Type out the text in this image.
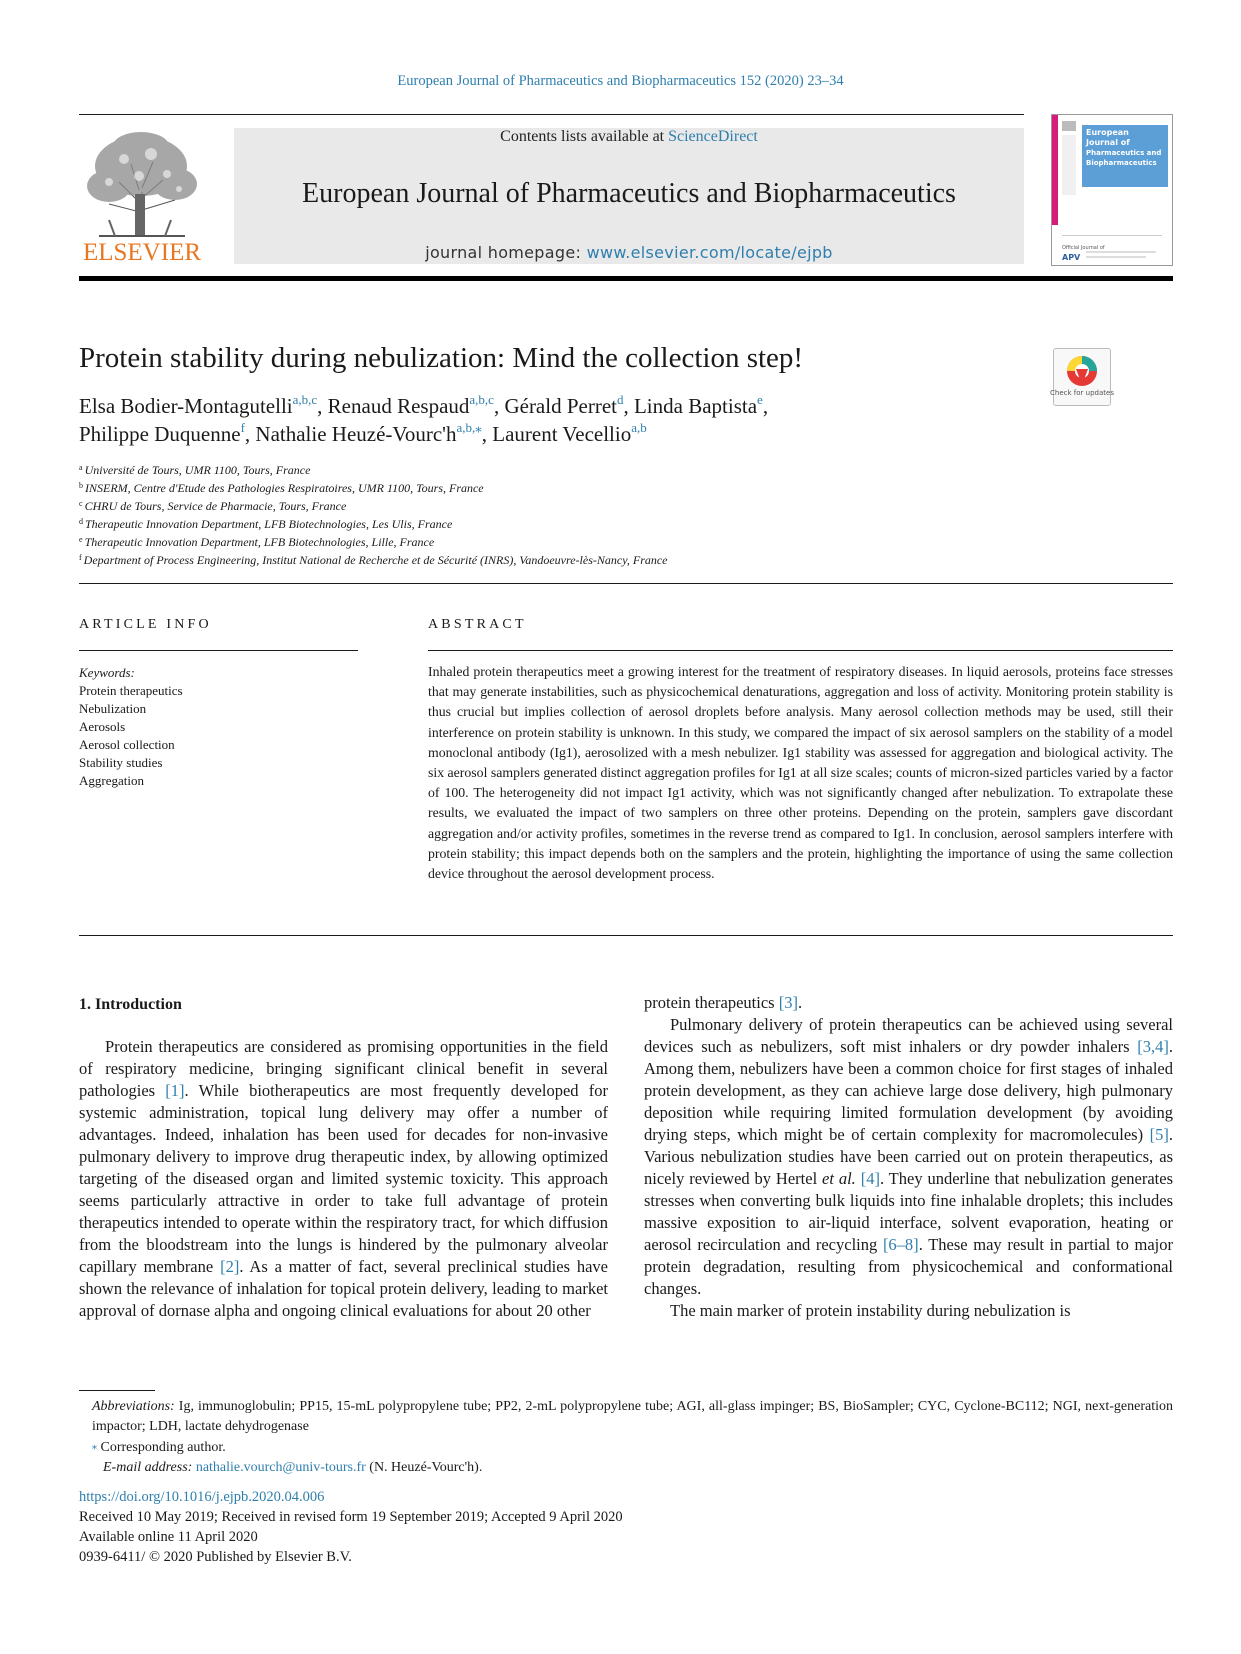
European Journal of Pharmaceutics and Biopharmaceutics 152 (2020) 23–34
ELSEVIER
Contents lists available at ScienceDirect
European Journal of Pharmaceutics and Biopharmaceutics
journal homepage: www.elsevier.com/locate/ejpb
European
Journal of
Pharmaceutics and
Biopharmaceutics
Official Journal of
APV
Protein stability during nebulization: Mind the collection step!
Check for updates
Elsa Bodier-Montagutelli$^{a,b,c}$, Renaud Respaud$^{a,b,c}$, Gérald Perret$^d$, Linda Baptista$^e$,
Philippe Duquenne$^f$, Nathalie Heuzé-$Vourc'h^{a,b,⁎}$, Laurent Vecellio$^{a,b}$
$^a$ Université de Tours, UMR 1100, Tours, France
$^b$ INSERM, Centre d'Etude des Pathologies Respiratoires, UMR 1100, Tours, France
$^c$ CHRU de Tours, Service de Pharmacie, Tours, France
$^d$ Therapeutic Innovation Department, LFB Biotechnologies, Les Ulis, France
$^e$ Therapeutic Innovation Department, LFB Biotechnologies, Lille, France
$^f$ Department of Process Engineering, Institut National de Recherche et de Sécurité (INRS), Vandoeuvre-lès-Nancy, France
ARTICLE INFO
Keywords:
Protein therapeutics
Nebulization
Aerosols
Aerosol collection
Stability studies
Aggregation
ABSTRACT
Inhaled protein therapeutics meet a growing interest for the treatment of respiratory diseases. In liquid aerosols, proteins face stresses that may generate instabilities, such as physicochemical denaturations, aggregation and loss of activity. Monitoring protein stability is thus crucial but implies collection of aerosol droplets before analysis. Many aerosol collection methods may be used, still their interference on protein stability is unknown. In this study, we compared the impact of six aerosol samplers on the stability of a model monoclonal antibody (Ig1), aerosolized with a mesh nebulizer. Ig1 stability was assessed for aggregation and biological activity. The six aerosol samplers generated distinct aggregation profiles for Ig1 at all size scales; counts of micron-sized particles varied by a factor of 100. The heterogeneity did not impact Ig1 activity, which was not significantly changed after nebulization. To extrapolate these results, we evaluated the impact of two samplers on three other proteins. Depending on the protein, samplers gave discordant aggregation and/or activity profiles, sometimes in the reverse trend as compared to Ig1. In conclusion, aerosol samplers interfere with protein stability; this impact depends both on the samplers and the protein, highlighting the importance of using the same collection device throughout the aerosol development process.
1. Introduction

Protein therapeutics are considered as promising opportunities in the field of respiratory medicine, bringing significant clinical benefit in several pathologies [1]. While biotherapeutics are most frequently developed for systemic administration, topical lung delivery may offer a number of advantages. Indeed, inhalation has been used for decades for non-invasive pulmonary delivery to improve drug therapeutic index, by allowing optimized targeting of the diseased organ and limited systemic toxicity. This approach seems particularly attractive in order to take full advantage of protein therapeutics intended to operate within the respiratory tract, for which diffusion from the bloodstream into the lungs is hindered by the pulmonary alveolar capillary membrane [2]. As a matter of fact, several preclinical studies have shown the relevance of inhalation for topical protein delivery, leading to market approval of dornase alpha and ongoing clinical evaluations for about 20 other

protein therapeutics [3].

Pulmonary delivery of protein therapeutics can be achieved using several devices such as nebulizers, soft mist inhalers or dry powder inhalers [3,4]. Among them, nebulizers have been a common choice for first stages of inhaled protein development, as they can achieve large dose delivery, high pulmonary deposition while requiring limited formulation development (by avoiding drying steps, which might be of certain complexity for macromolecules) [5]. Various nebulization studies have been carried out on protein therapeutics, as nicely reviewed by Hertel et al. [4]. They underline that nebulization generates stresses when converting bulk liquids into fine inhalable droplets; this includes massive exposition to air-liquid interface, solvent evaporation, heating or aerosol recirculation and recycling [6–8]. These may result in partial to major protein degradation, resulting from physicochemical and conformational changes.

The main marker of protein instability during nebulization is

Abbreviations: Ig, immunoglobulin; PP15, 15-mL polypropylene tube; PP2, 2-mL polypropylene tube; AGI, all-glass impinger; BS, BioSampler; CYC, Cyclone-BC112; NGI, next-generation impactor; LDH, lactate dehydrogenase
⁎ Corresponding author.
E-mail address: nathalie.vourch@univ-tours.fr (N. Heuzé-Vourc'h).
https://doi.org/10.1016/j.ejpb.2020.04.006
Received 10 May 2019; Received in revised form 19 September 2019; Accepted 9 April 2020
Available online 11 April 2020
0939-6411/ © 2020 Published by Elsevier B.V.
